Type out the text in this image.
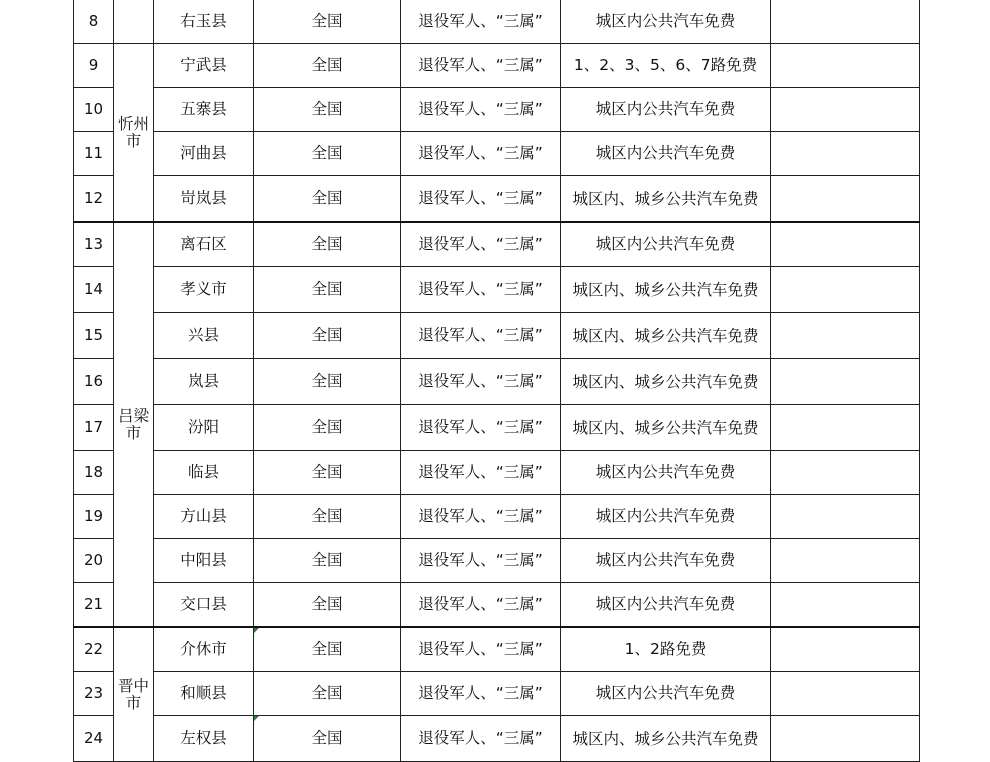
8		右玉县	全国	退役军人、“三属”	城区内公共汽车免费	
9	忻州市	宁武县	全国	退役军人、“三属”	1、2、3、5、6、7路免费	
10		五寨县	全国	退役军人、“三属”	城区内公共汽车免费	
11		河曲县	全国	退役军人、“三属”	城区内公共汽车免费	
12		岢岚县	全国	退役军人、“三属”	城区内、城乡公共汽车免费	
13	吕梁市	离石区	全国	退役军人、“三属”	城区内公共汽车免费	
14		孝义市	全国	退役军人、“三属”	城区内、城乡公共汽车免费	
15		兴县	全国	退役军人、“三属”	城区内、城乡公共汽车免费	
16		岚县	全国	退役军人、“三属”	城区内、城乡公共汽车免费	
17		汾阳	全国	退役军人、“三属”	城区内、城乡公共汽车免费	
18		临县	全国	退役军人、“三属”	城区内公共汽车免费	
19		方山县	全国	退役军人、“三属”	城区内公共汽车免费	
20		中阳县	全国	退役军人、“三属”	城区内公共汽车免费	
21		交口县	全国	退役军人、“三属”	城区内公共汽车免费	
22	晋中市	介休市	全国	退役军人、“三属”	1、2路免费	
23		和顺县	全国	退役军人、“三属”	城区内公共汽车免费	
24		左权县	全国	退役军人、“三属”	城区内、城乡公共汽车免费	
